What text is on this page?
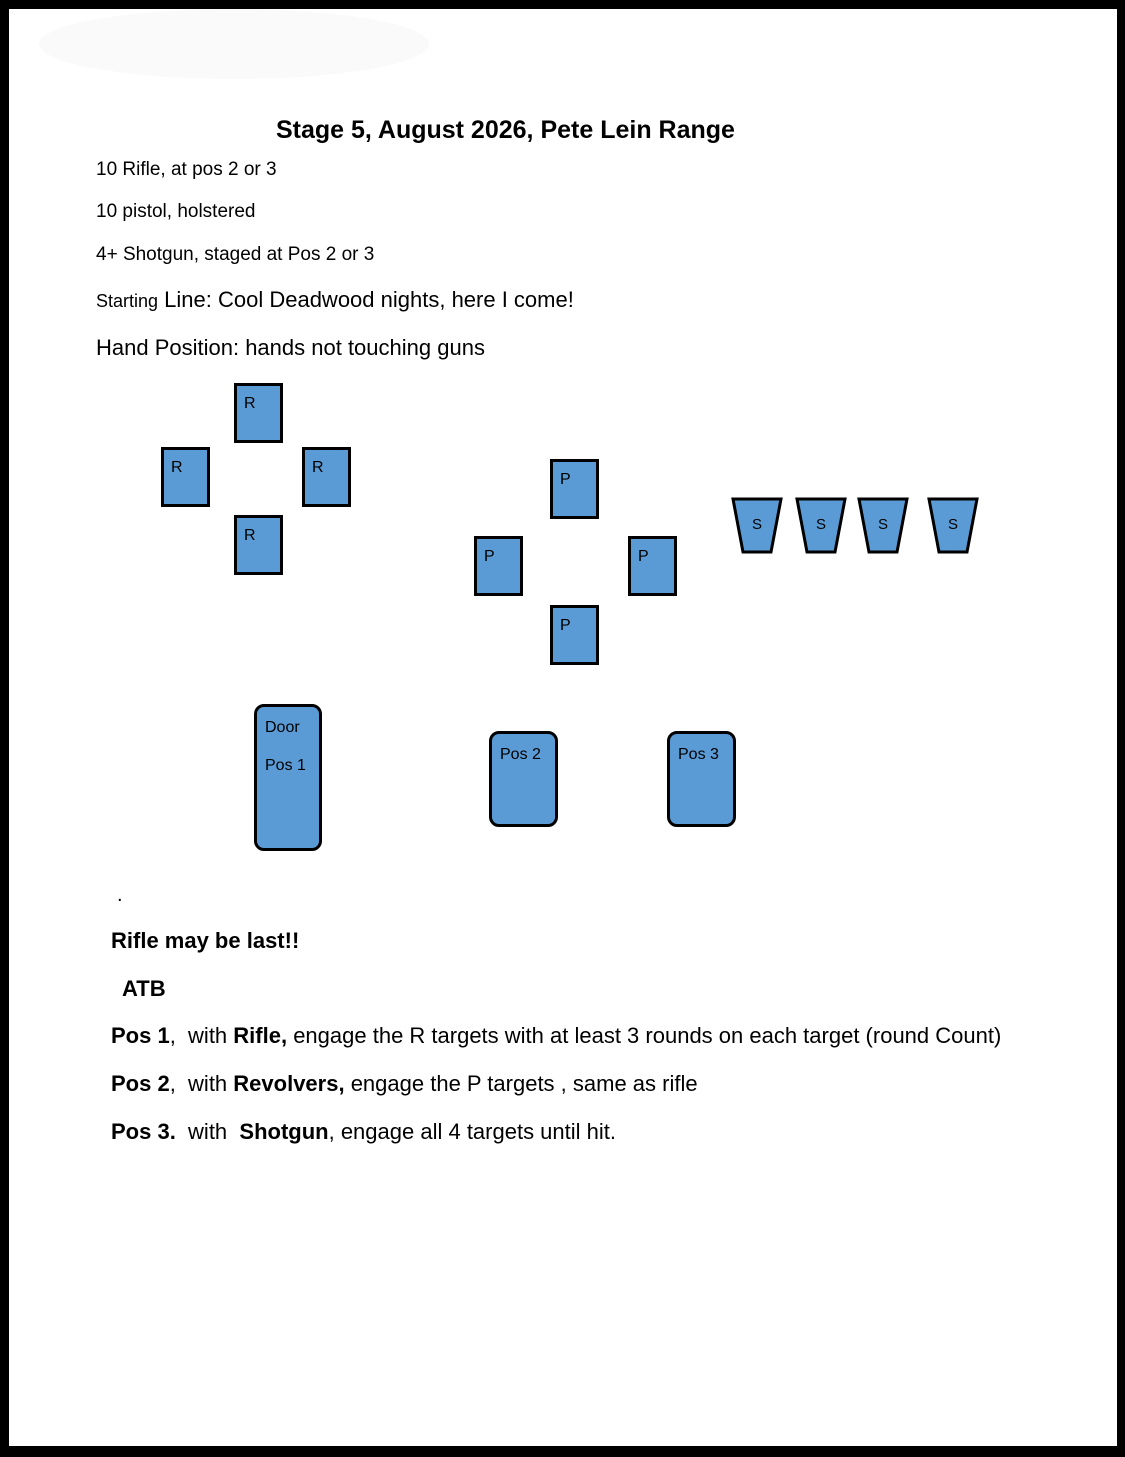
Stage 5, August 2026, Pete Lein Range
10 Rifle, at pos 2 or 3
10 pistol, holstered
4+ Shotgun, staged at Pos 2 or 3
Starting Line: Cool Deadwood nights, here I come!
Hand Position: hands not touching guns
R
R	R
R
P
P	P
P
S	S	S	S
Door
Pos 1
Pos 2	Pos 3
.
Rifle may be last!!
ATB
Pos 1,  with Rifle, engage the R targets with at least 3 rounds on each target (round Count)
Pos 2,  with Revolvers, engage the P targets , same as rifle
Pos 3.  with  Shotgun, engage all 4 targets until hit.
